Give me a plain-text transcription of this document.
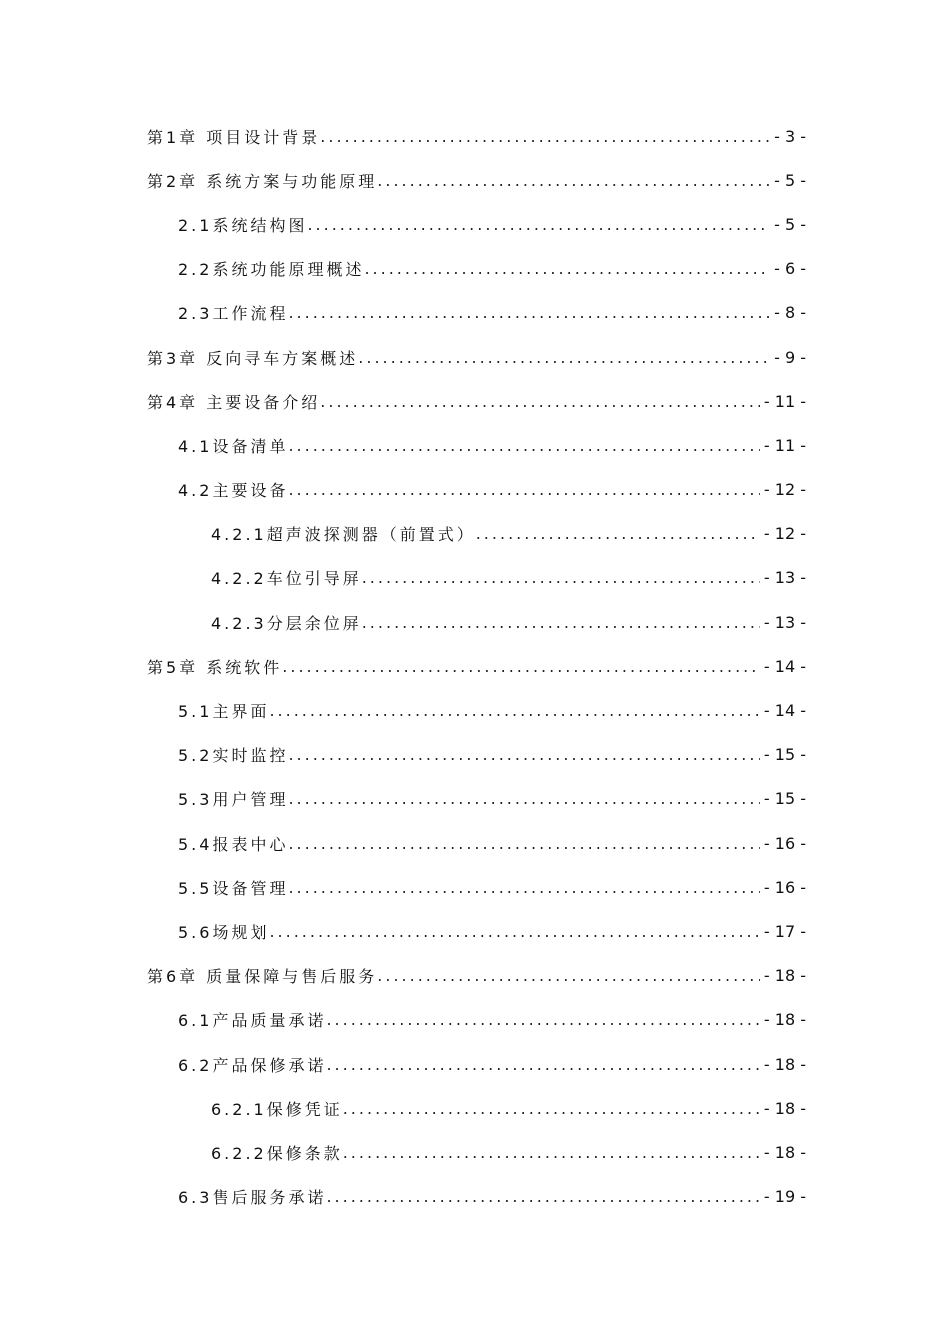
第1章 项目设计背景 .....	- 3 -
第2章 系统方案与功能原理 .....	- 5 -
2.1系统结构图 .....	- 5 -
2.2系统功能原理概述 .....	- 6 -
2.3工作流程 .....	- 8 -
第3章 反向寻车方案概述 .....	- 9 -
第4章 主要设备介绍 .....	- 11 -
4.1设备清单 .....	- 11 -
4.2主要设备 .....	- 12 -
4.2.1超声波探测器（前置式） .....	- 12 -
4.2.2车位引导屏 .....	- 13 -
4.2.3分层余位屏 .....	- 13 -
第5章 系统软件 .....	- 14 -
5.1主界面 .....	- 14 -
5.2实时监控 .....	- 15 -
5.3用户管理 .....	- 15 -
5.4报表中心 .....	- 16 -
5.5设备管理 .....	- 16 -
5.6场规划 .....	- 17 -
第6章 质量保障与售后服务 .....	- 18 -
6.1产品质量承诺 .....	- 18 -
6.2产品保修承诺 .....	- 18 -
6.2.1保修凭证 .....	- 18 -
6.2.2保修条款 .....	- 18 -
6.3售后服务承诺 .....	- 19 -
